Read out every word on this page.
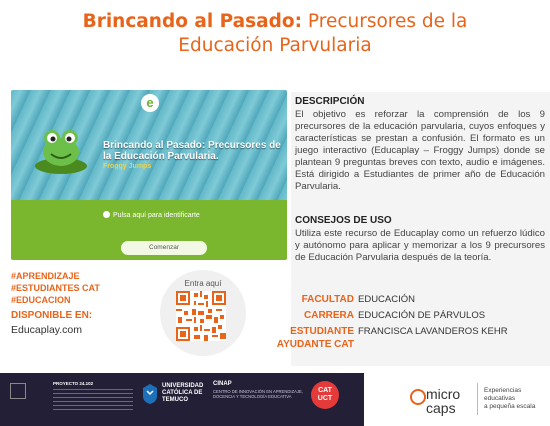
Brincando al Pasado: Precursores de la
Educación Parvularia
e
Brincando al Pasado: Precursores de la Educación Parvularia.
Froggy Jumps
Pulsa aquí para identificarte
Comenzar
DESCRIPCIÓN
El objetivo es reforzar la comprensión de los 9 precursores de la educación parvularia, cuyos enfoques y características se prestan a confusión. El formato es un juego interactivo (Educaplay – Froggy Jumps) donde se plantean 9 preguntas breves con texto, audio e imágenes. Está dirigido a Estudiantes de primer año de Educación Parvularia.
CONSEJOS DE USO
Utiliza este recurso de Educaplay como un refuerzo lúdico y autónomo para aplicar y memorizar a los 9 precursores de Educación Parvularia después de la teoría.
FACULTAD EDUCACIÓN
CARRERA EDUCACIÓN DE PÁRVULOS
ESTUDIANTE FRANCISCA LAVANDEROS KEHR
AYUDANTE CAT
#APRENDIZAJE
#ESTUDIANTES CAT
#EDUCACION
DISPONIBLE EN:
Educaplay.com
Entra aquí
PROYECTO 24.102	UNIVERSIDAD
CATÓLICA DE
TEMUCO
CINAP
CENTRO DE INNOVACIÓN EN APRENDIZAJE, DOCENCIA Y TECNOLOGÍA EDUCATIVA
CAT
UCT	micro
caps
Experiencias
educativas
a pequeña escala
